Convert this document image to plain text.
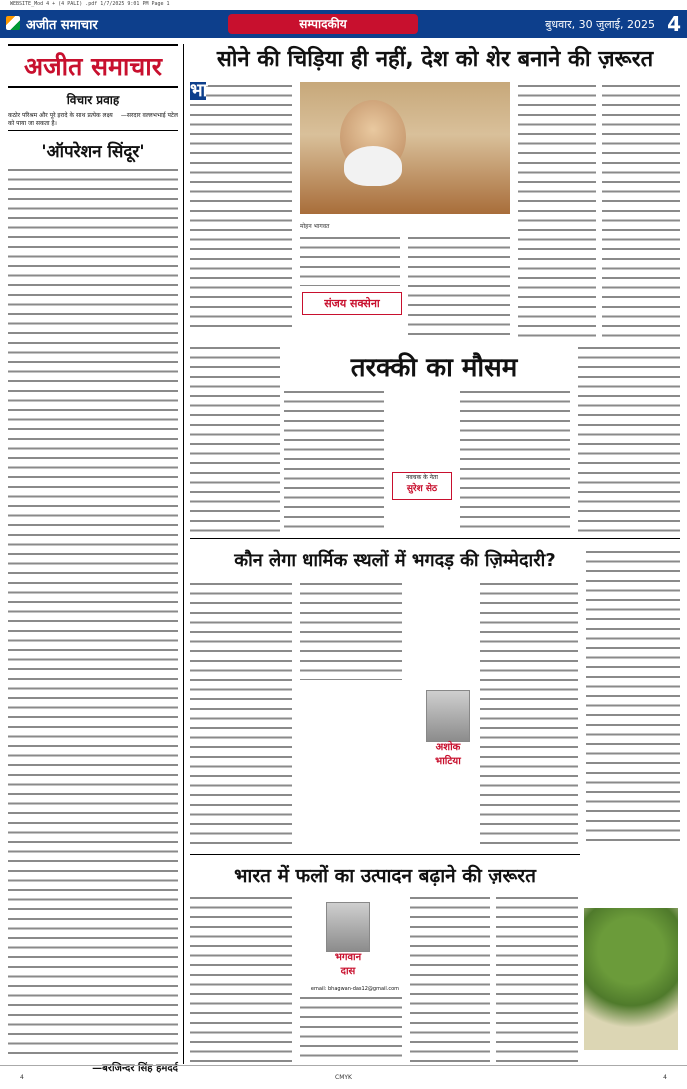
WEBSITE_Mod 4 + (4 PALI) .pdf 1/7/2025 9:01 PM Page 1
अजीत समाचार	सम्पादकीय	बुधवार, 30 जुलाई, 2025 4
अजीत समाचार
विचार प्रवाह
कठोर परिश्रम और पूरे इरादे के साथ प्रत्येक लक्ष्य को पाया जा सकता है।
—सरदार वल्लभभाई पटेल
'ऑपरेशन सिंदूर'
—बरजिन्दर सिंह हमदर्द
सोने की चिड़िया ही नहीं, देश को शेर बनाने की ज़रूरत
भा
मोहन भागवत
संजय सक्सेना
तरक्की का मौसम
नवचक के नेता
सुरेश सेठ
कौन लेगा धार्मिक स्थलों में भगदड़ की ज़िम्मेदारी?
अशोक भाटिया
भारत में फलों का उत्पादन बढ़ाने की ज़रूरत
भगवान दास
email: bhagwan-das12@gmail.com
4	CMYK	4
